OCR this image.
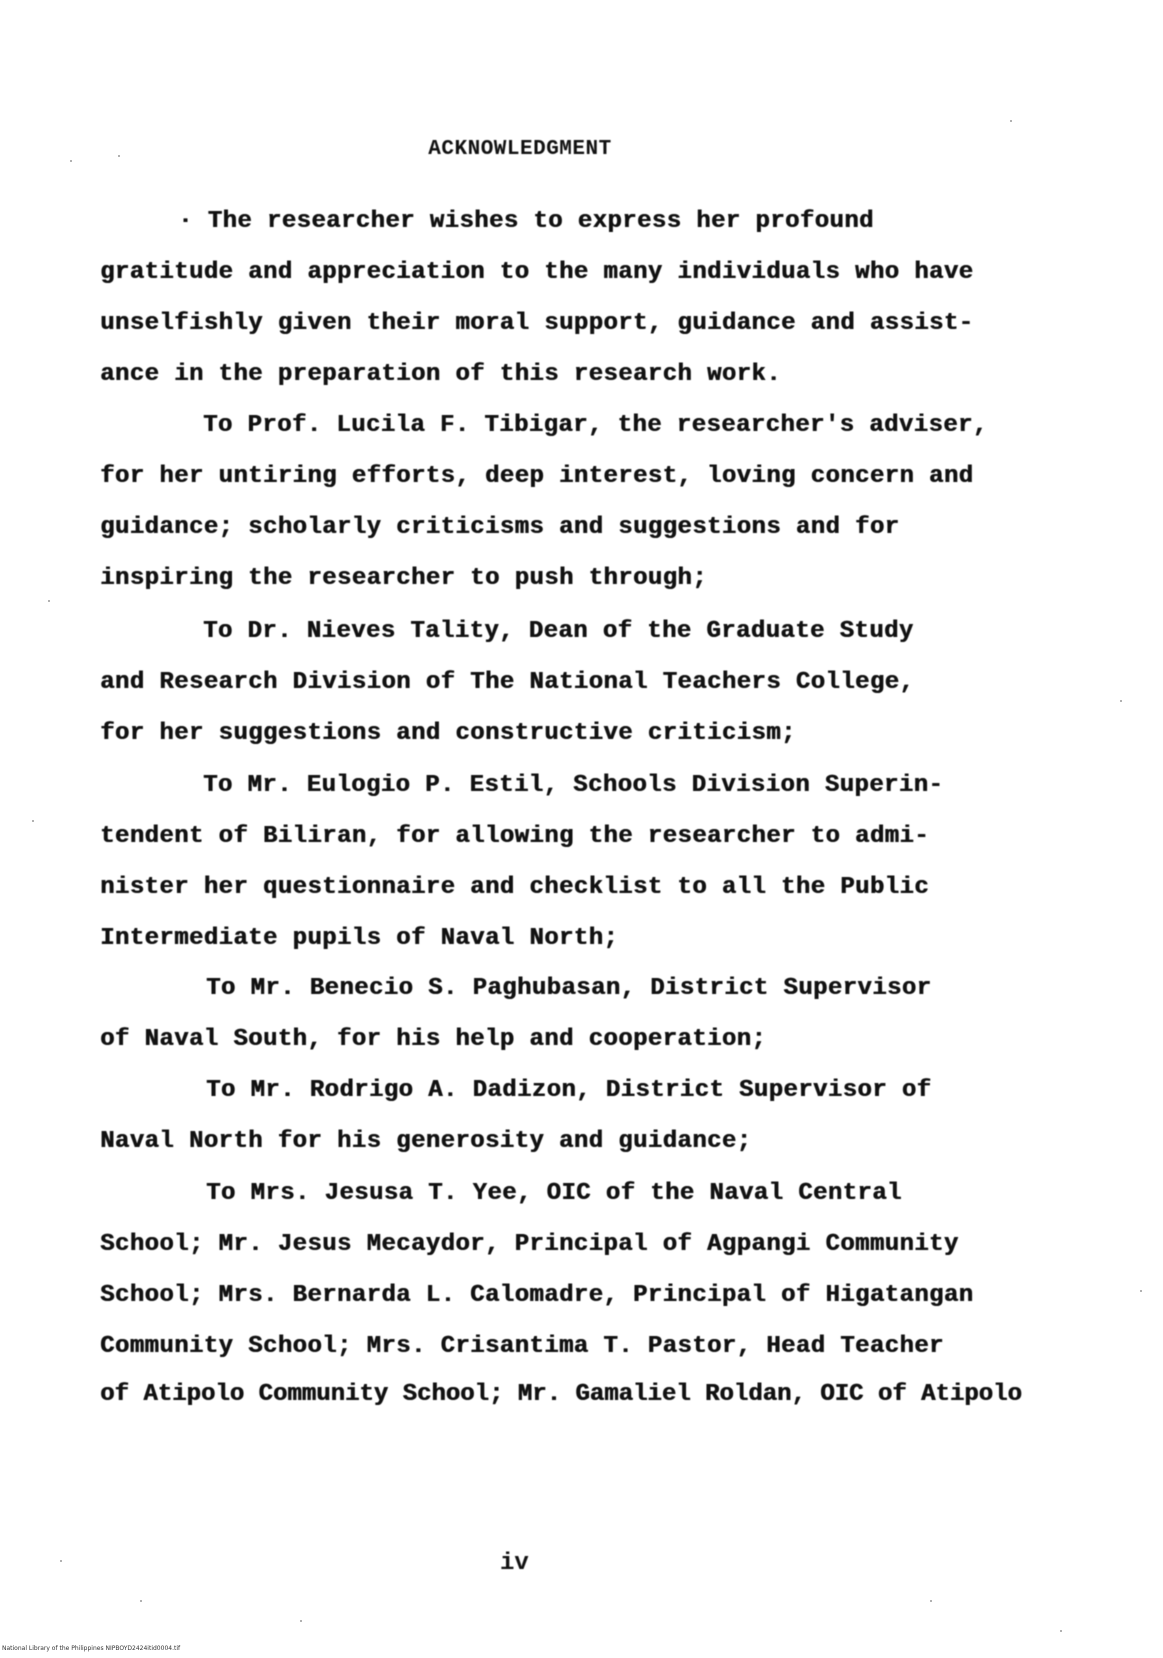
ACKNOWLEDGMENT
· The researcher wishes to express her profound
gratitude and appreciation to the many individuals who have
unselfishly given their moral support, guidance and assist-
ance in the preparation of this research work.
To Prof. Lucila F. Tibigar, the researcher's adviser,
for her untiring efforts, deep interest, loving concern and
guidance; scholarly criticisms and suggestions and for
inspiring the researcher to push through;
To Dr. Nieves Tality, Dean of the Graduate Study
and Research Division of The National Teachers College,
for her suggestions and constructive criticism;
To Mr. Eulogio P. Estil, Schools Division Superin-
tendent of Biliran, for allowing the researcher to admi-
nister her questionnaire and checklist to all the Public
Intermediate pupils of Naval North;
To Mr. Benecio S. Paghubasan, District Supervisor
of Naval South, for his help and cooperation;
To Mr. Rodrigo A. Dadizon, District Supervisor of
Naval North for his generosity and guidance;
To Mrs. Jesusa T. Yee, OIC of the Naval Central
School; Mr. Jesus Mecaydor, Principal of Agpangi Community
School; Mrs. Bernarda L. Calomadre, Principal of Higatangan
Community School; Mrs. Crisantima T. Pastor, Head Teacher
of Atipolo Community School; Mr. Gamaliel Roldan, OIC of Atipolo
iv
National Library of the Philippines NIPBOYD2424itid0004.tif
